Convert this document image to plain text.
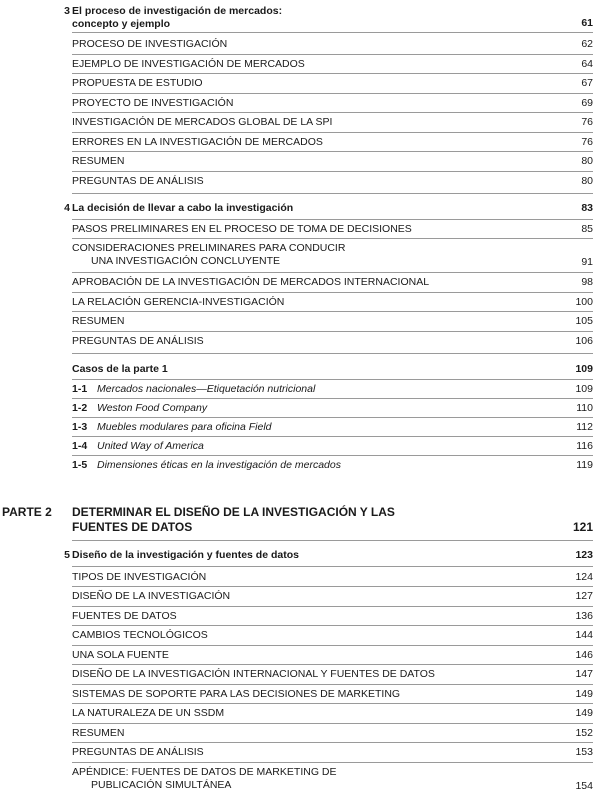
3 El proceso de investigación de mercados:
concepto y ejemplo	61
PROCESO DE INVESTIGACIÓN	62
EJEMPLO DE INVESTIGACIÓN DE MERCADOS	64
PROPUESTA DE ESTUDIO	67
PROYECTO DE INVESTIGACIÓN	69
INVESTIGACIÓN DE MERCADOS GLOBAL DE LA SPI	76
ERRORES EN LA INVESTIGACIÓN DE MERCADOS	76
RESUMEN	80
PREGUNTAS DE ANÁLISIS	80
4 La decisión de llevar a cabo la investigación	83
PASOS PRELIMINARES EN EL PROCESO DE TOMA DE DECISIONES	85
CONSIDERACIONES PRELIMINARES PARA CONDUCIR
UNA INVESTIGACIÓN CONCLUYENTE	91
APROBACIÓN DE LA INVESTIGACIÓN DE MERCADOS INTERNACIONAL	98
LA RELACIÓN GERENCIA-INVESTIGACIÓN	100
RESUMEN	105
PREGUNTAS DE ANÁLISIS	106
Casos de la parte 1	109
1-1 Mercados nacionales—Etiquetación nutricional	109
1-2 Weston Food Company	110
1-3 Muebles modulares para oficina Field	112
1-4 United Way of America	116
1-5 Dimensiones éticas en la investigación de mercados	119
PARTE 2 DETERMINAR EL DISEÑO DE LA INVESTIGACIÓN Y LAS
FUENTES DE DATOS	121
5 Diseño de la investigación y fuentes de datos	123
TIPOS DE INVESTIGACIÓN	124
DISEÑO DE LA INVESTIGACIÓN	127
FUENTES DE DATOS	136
CAMBIOS TECNOLÓGICOS	144
UNA SOLA FUENTE	146
DISEÑO DE LA INVESTIGACIÓN INTERNACIONAL Y FUENTES DE DATOS	147
SISTEMAS DE SOPORTE PARA LAS DECISIONES DE MARKETING	149
LA NATURALEZA DE UN SSDM	149
RESUMEN	152
PREGUNTAS DE ANÁLISIS	153
APÉNDICE: FUENTES DE DATOS DE MARKETING DE
PUBLICACIÓN SIMULTÁNEA	154
